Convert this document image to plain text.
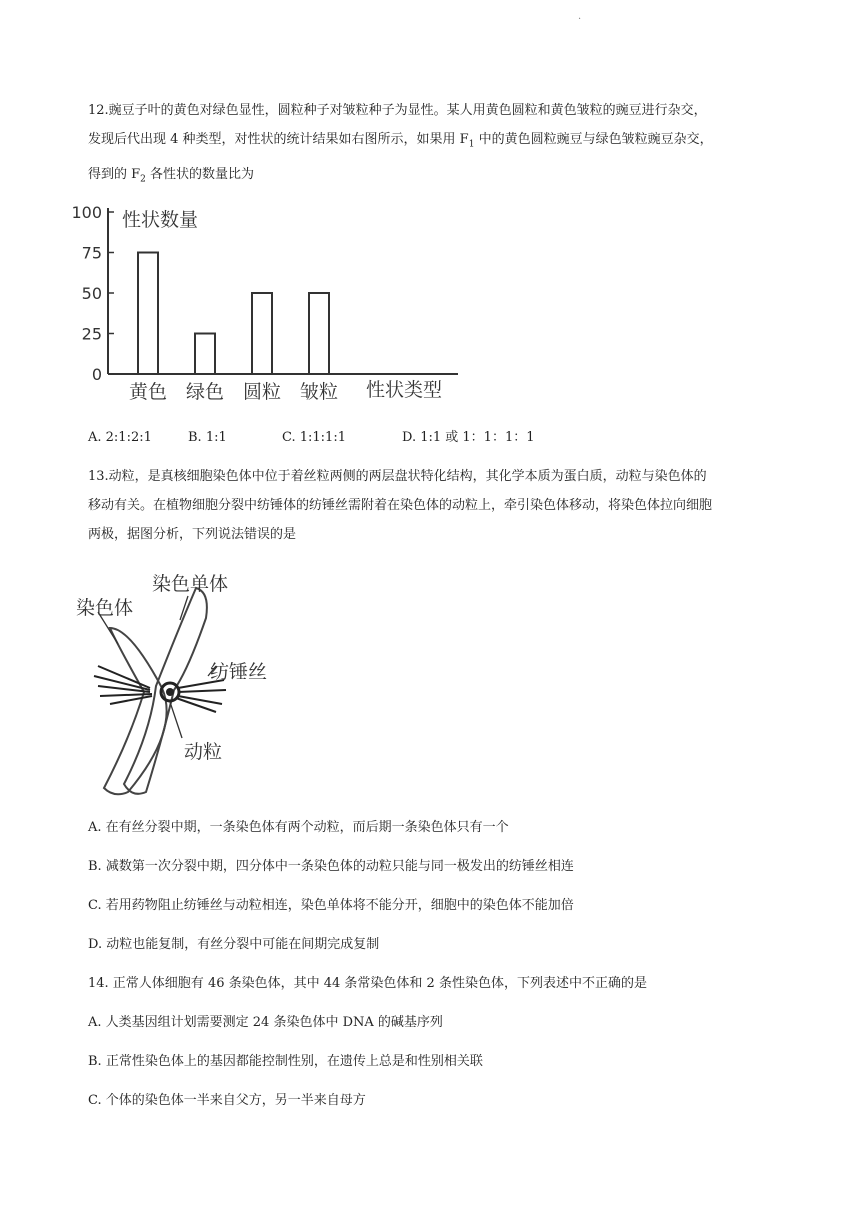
·
12.豌豆子叶的黄色对绿色显性，圆粒种子对皱粒种子为显性。某人用黄色圆粒和黄色皱粒的豌豆进行杂交，
发现后代出现 4 种类型，对性状的统计结果如右图所示，如果用 $F_1$ 中的黄色圆粒豌豆与绿色皱粒豌豆杂交，
得到的 $F_2$ 各性状的数量比为
0
25
50
75
100
黄色 绿色 圆粒 皱粒
性状数量
性状类型
A. 2:1:2:1	B. 1:1	C. 1:1:1:1	D. 1:1 或 1：1：1：1
13.动粒，是真核细胞染色体中位于着丝粒两侧的两层盘状特化结构，其化学本质为蛋白质，动粒与染色体的
移动有关。在植物细胞分裂中纺锤体的纺锤丝需附着在染色体的动粒上，牵引染色体移动，将染色体拉向细胞
两极，据图分析，下列说法错误的是
染色单体
染色体
纺锤丝
动粒
A. 在有丝分裂中期，一条染色体有两个动粒，而后期一条染色体只有一个
B. 减数第一次分裂中期，四分体中一条染色体的动粒只能与同一极发出的纺锤丝相连
C. 若用药物阻止纺锤丝与动粒相连，染色单体将不能分开，细胞中的染色体不能加倍
D. 动粒也能复制，有丝分裂中可能在间期完成复制
14. 正常人体细胞有 46 条染色体，其中 44 条常染色体和 2 条性染色体，下列表述中不正确的是
A. 人类基因组计划需要测定 24 条染色体中 DNA 的碱基序列
B. 正常性染色体上的基因都能控制性别，在遗传上总是和性别相关联
C. 个体的染色体一半来自父方，另一半来自母方
